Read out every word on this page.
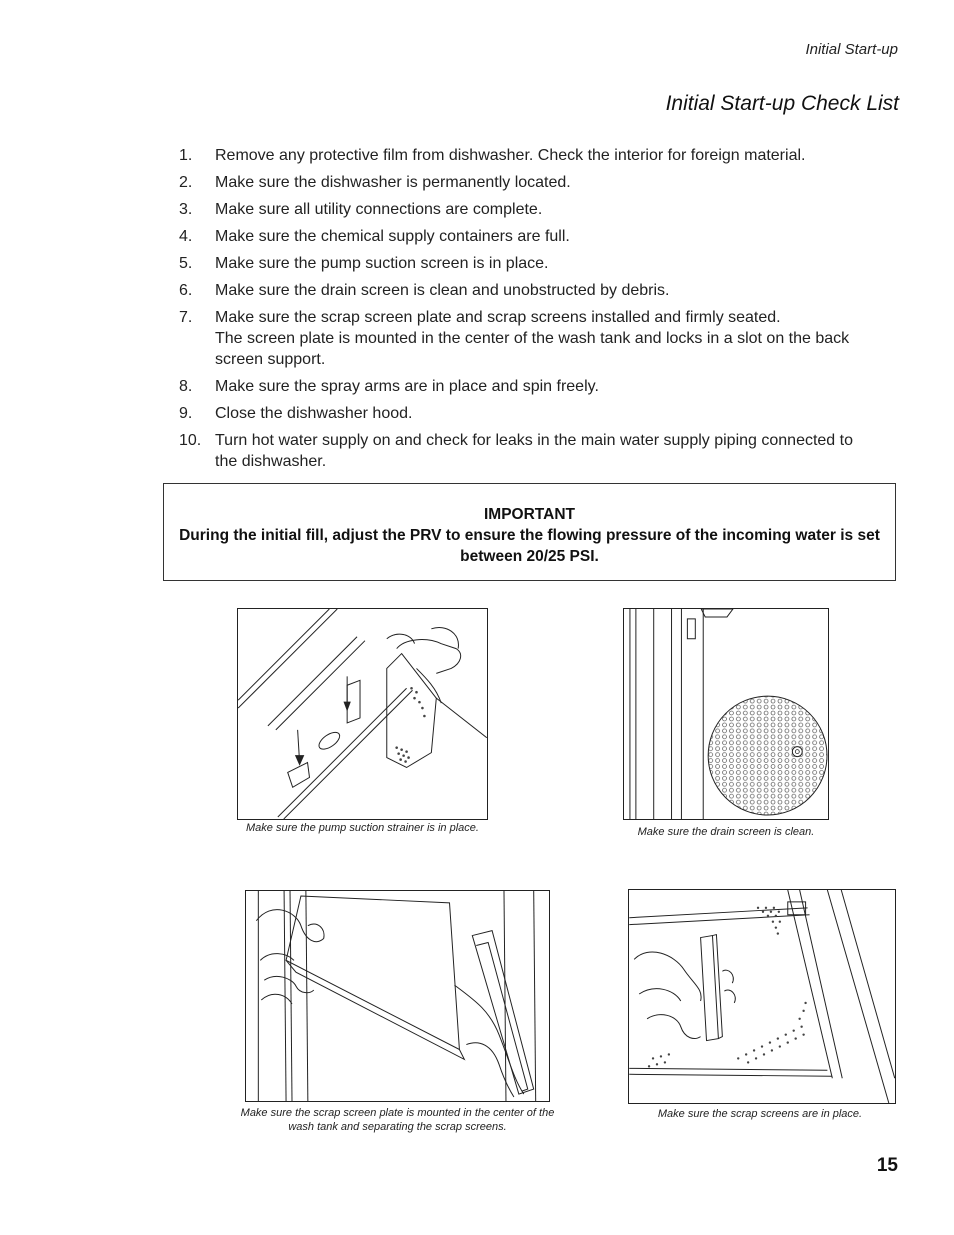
Initial Start-up
Initial Start-up Check List
1. Remove any protective film from dishwasher. Check the interior for foreign material.
2. Make sure the dishwasher is permanently located.
3. Make sure all utility connections are complete.
4. Make sure the chemical supply containers are full.
5. Make sure the pump suction screen is in place.
6. Make sure the drain screen is clean and unobstructed by debris.
7. Make sure the scrap screen plate and scrap screens installed and firmly seated.
The screen plate is mounted in the center of the wash tank and locks in a slot on the back screen support.
8. Make sure the spray arms are in place and spin freely.
9. Close the dishwasher hood.
10. Turn hot water supply on and check for leaks in the main water supply piping connected to the dishwasher.
IMPORTANT
During the initial fill, adjust the PRV to ensure the flowing pressure of the incoming water is set between 20/25 PSI.
Make sure the pump suction strainer is in place.	Make sure the drain screen is clean.
Make sure the scrap screen plate is mounted in the center of the wash tank and separating the scrap screens.
Make sure the scrap screens are in place.
15
